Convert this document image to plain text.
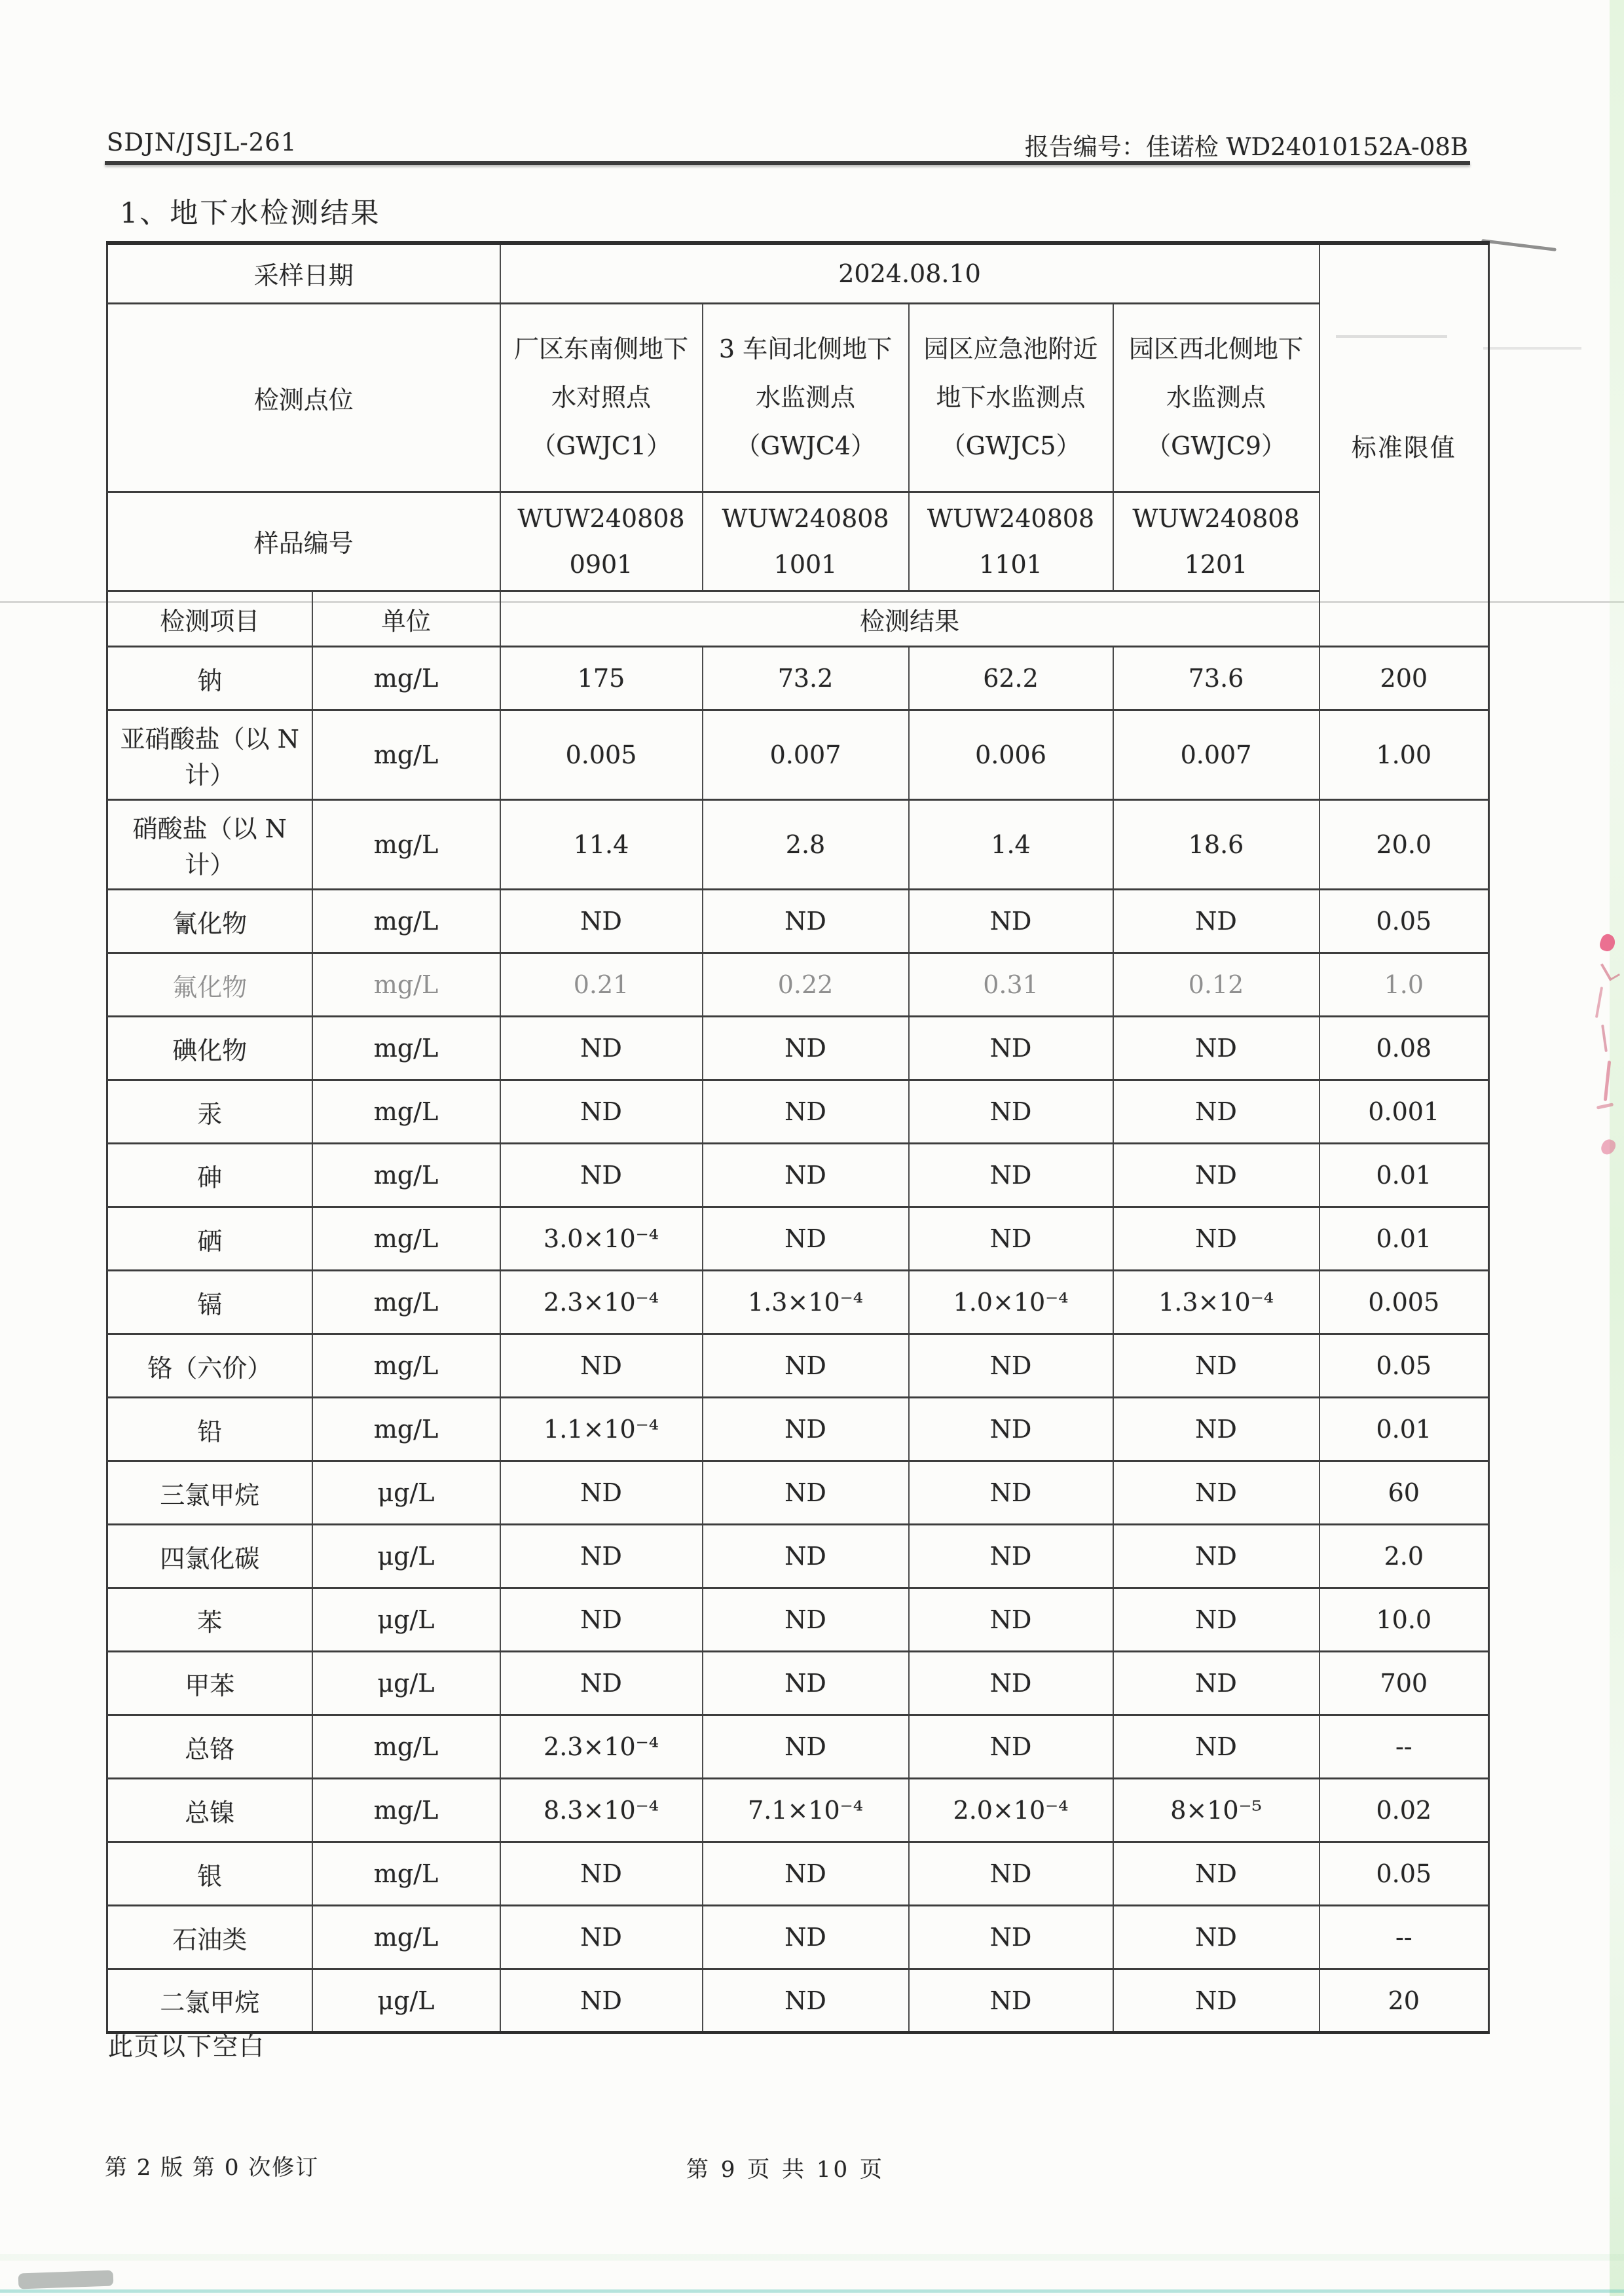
SDJN/JSJL-261	报告编号：佳诺检 WD24010152A-08B
1、地下水检测结果
采样日期		2024.08.10				标准限值
检测点位		厂区东南侧地下水对照点（GWJC1）	3 车间北侧地下水监测点（GWJC4）	园区应急池附近地下水监测点（GWJC5）	园区西北侧地下水监测点（GWJC9）	
样品编号		WUW240808 0901	WUW240808 1001	WUW240808 1101	WUW240808 1201	
检测项目	单位	检测结果				
钠	mg/L	175	73.2	62.2	73.6	200
亚硝酸盐（以 N 计）	mg/L	0.005	0.007	0.006	0.007	1.00
硝酸盐（以 N 计）	mg/L	11.4	2.8	1.4	18.6	20.0
氰化物	mg/L	ND	ND	ND	ND	0.05
氟化物	mg/L	0.21	0.22	0.31	0.12	1.0
碘化物	mg/L	ND	ND	ND	ND	0.08
汞	mg/L	ND	ND	ND	ND	0.001
砷	mg/L	ND	ND	ND	ND	0.01
硒	mg/L	3.0×10⁻⁴	ND	ND	ND	0.01
镉	mg/L	2.3×10⁻⁴	1.3×10⁻⁴	1.0×10⁻⁴	1.3×10⁻⁴	0.005
铬（六价）	mg/L	ND	ND	ND	ND	0.05
铅	mg/L	1.1×10⁻⁴	ND	ND	ND	0.01
三氯甲烷	μg/L	ND	ND	ND	ND	60
四氯化碳	μg/L	ND	ND	ND	ND	2.0
苯	μg/L	ND	ND	ND	ND	10.0
甲苯	μg/L	ND	ND	ND	ND	700
总铬	mg/L	2.3×10⁻⁴	ND	ND	ND	--
总镍	mg/L	8.3×10⁻⁴	7.1×10⁻⁴	2.0×10⁻⁴	8×10⁻⁵	0.02
银	mg/L	ND	ND	ND	ND	0.05
石油类	mg/L	ND	ND	ND	ND	--
二氯甲烷	μg/L	ND	ND	ND	ND	20
此页以下空白
第 2 版 第 0 次修订	第 9 页 共 10 页
